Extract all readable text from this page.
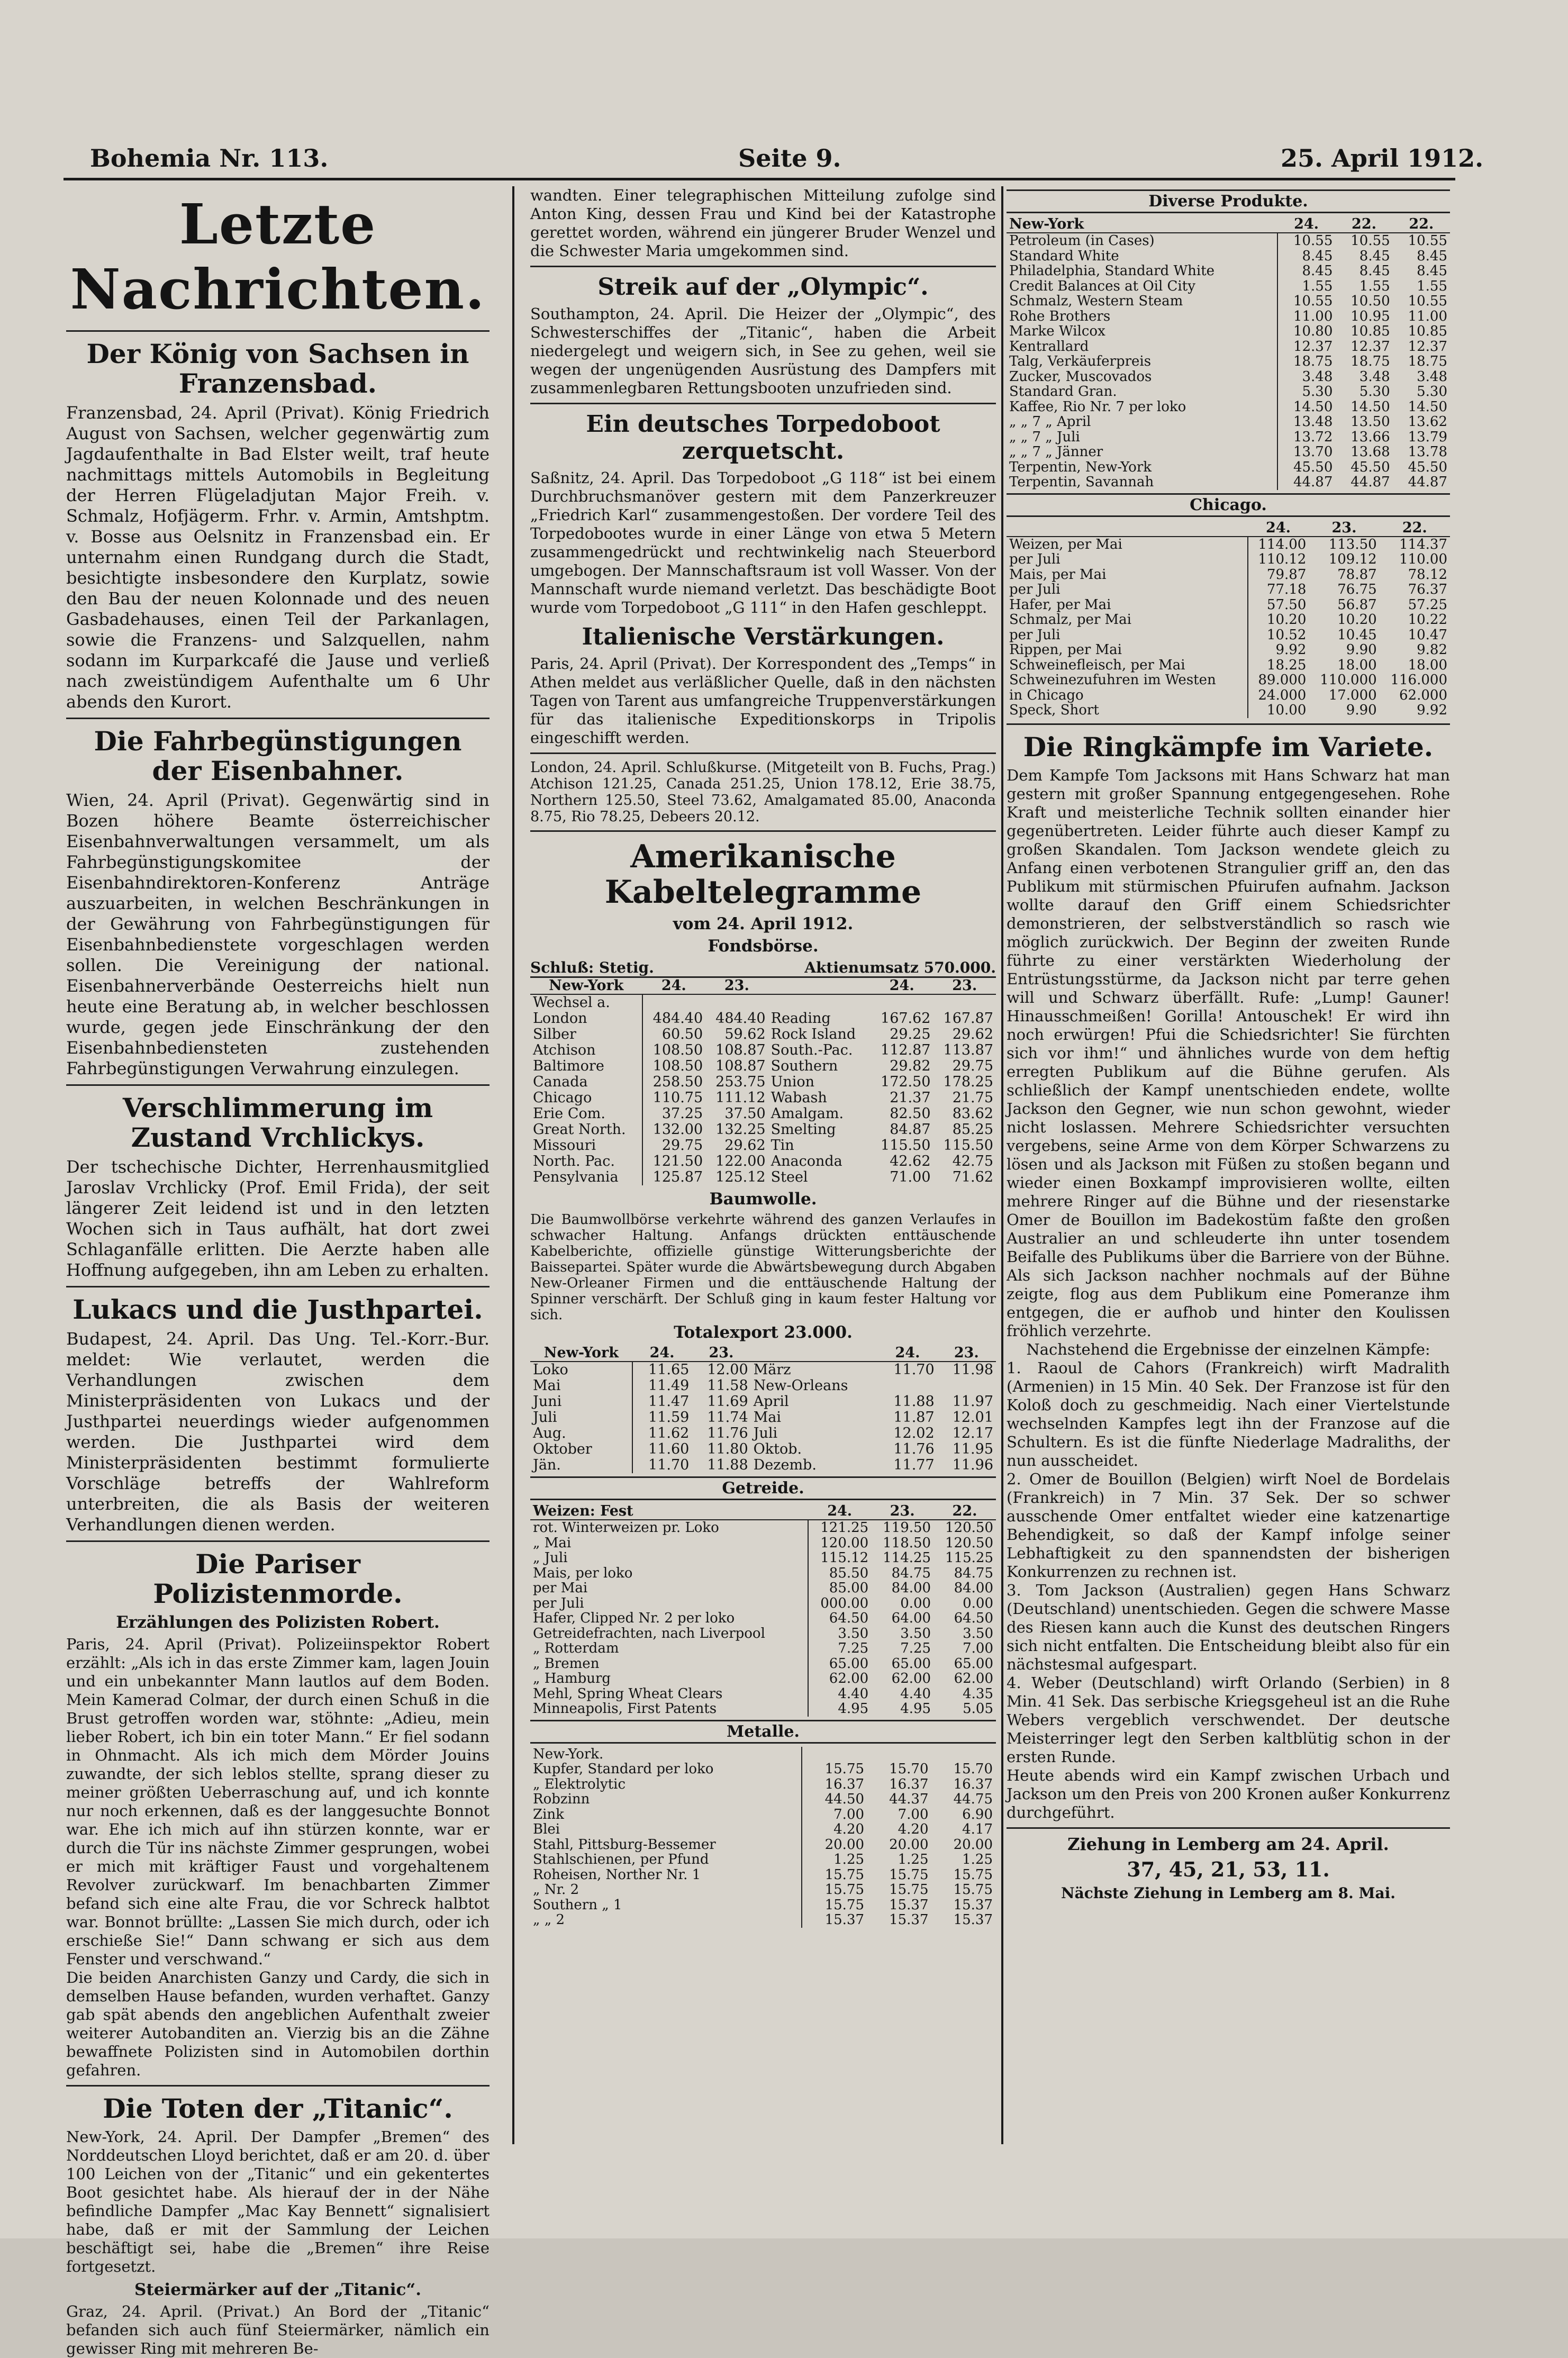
Bohemia Nr. 113.	Seite 9.	25. April 1912.
Letzte Nachrichten.
Der König von Sachsen in Franzensbad.

Franzensbad, 24. April (Privat). König Friedrich August von Sachsen, welcher gegenwärtig zum Jagdaufenthalte in Bad Elster weilt, traf heute nachmittags mittels Automobils in Begleitung der Herren Flügeladjutan Major Freih. v. Schmalz, Hofjägerm. Frhr. v. Armin, Amtshptm. v. Bosse aus Oelsnitz in Franzensbad ein. Er unternahm einen Rundgang durch die Stadt, besichtigte insbesondere den Kurplatz, sowie den Bau der neuen Kolonnade und des neuen Gasbadehauses, einen Teil der Parkanlagen, sowie die Franzens- und Salzquellen, nahm sodann im Kurparkcafé die Jause und verließ nach zweistündigem Aufenthalte um 6 Uhr abends den Kurort.

Die Fahrbegünstigungen der Eisenbahner.

Wien, 24. April (Privat). Gegenwärtig sind in Bozen höhere Beamte österreichischer Eisenbahnverwaltungen versammelt, um als Fahrbegünstigungskomitee der Eisenbahndirektoren-Konferenz Anträge auszuarbeiten, in welchen Beschränkungen in der Gewährung von Fahrbegünstigungen für Eisenbahnbedienstete vorgeschlagen werden sollen. Die Vereinigung der national. Eisenbahnerverbände Oesterreichs hielt nun heute eine Beratung ab, in welcher beschlossen wurde, gegen jede Einschränkung der den Eisenbahnbediensteten zustehenden Fahrbegünstigungen Verwahrung einzulegen.

Verschlimmerung im Zustand Vrchlickys.

Der tschechische Dichter, Herrenhausmitglied Jaroslav Vrchlicky (Prof. Emil Frida), der seit längerer Zeit leidend ist und in den letzten Wochen sich in Taus aufhält, hat dort zwei Schlaganfälle erlitten. Die Aerzte haben alle Hoffnung aufgegeben, ihn am Leben zu erhalten.

Lukacs und die Justhpartei.

Budapest, 24. April. Das Ung. Tel.-Korr.-Bur. meldet: Wie verlautet, werden die Verhandlungen zwischen dem Ministerpräsidenten von Lukacs und der Justhpartei neuerdings wieder aufgenommen werden. Die Justhpartei wird dem Ministerpräsidenten bestimmt formulierte Vorschläge betreffs der Wahlreform unterbreiten, die als Basis der weiteren Verhandlungen dienen werden.

Die Pariser Polizistenmorde.
Erzählungen des Polizisten Robert.

Paris, 24. April (Privat). Polizeiinspektor Robert erzählt: „Als ich in das erste Zimmer kam, lagen Jouin und ein unbekannter Mann lautlos auf dem Boden. Mein Kamerad Colmar, der durch einen Schuß in die Brust getroffen worden war, stöhnte: „Adieu, mein lieber Robert, ich bin ein toter Mann.“ Er fiel sodann in Ohnmacht. Als ich mich dem Mörder Jouins zuwandte, der sich leblos stellte, sprang dieser zu meiner größten Ueberraschung auf, und ich konnte nur noch erkennen, daß es der langgesuchte Bonnot war. Ehe ich mich auf ihn stürzen konnte, war er durch die Tür ins nächste Zimmer gesprungen, wobei er mich mit kräftiger Faust und vorgehaltenem Revolver zurückwarf. Im benachbarten Zimmer befand sich eine alte Frau, die vor Schreck halbtot war. Bonnot brüllte: „Lassen Sie mich durch, oder ich erschieße Sie!“ Dann schwang er sich aus dem Fenster und verschwand.“

Die beiden Anarchisten Ganzy und Cardy, die sich in demselben Hause befanden, wurden verhaftet. Ganzy gab spät abends den angeblichen Aufenthalt zweier weiterer Autobanditen an. Vierzig bis an die Zähne bewaffnete Polizisten sind in Automobilen dorthin gefahren.

Die Toten der „Titanic“.

New-York, 24. April. Der Dampfer „Bremen“ des Norddeutschen Lloyd berichtet, daß er am 20. d. über 100 Leichen von der „Titanic“ und ein gekentertes Boot gesichtet habe. Als hierauf der in der Nähe befindliche Dampfer „Mac Kay Bennett“ signalisiert habe, daß er mit der Sammlung der Leichen beschäftigt sei, habe die „Bremen“ ihre Reise fortgesetzt.

Steiermärker auf der „Titanic“.

Graz, 24. April. (Privat.) An Bord der „Titanic“ befanden sich auch fünf Steiermärker, nämlich ein gewisser Ring mit mehreren Be-

wandten. Einer telegraphischen Mitteilung zufolge sind Anton King, dessen Frau und Kind bei der Katastrophe gerettet worden, während ein jüngerer Bruder Wenzel und die Schwester Maria umgekommen sind.

Streik auf der „Olympic“.

Southampton, 24. April. Die Heizer der „Olympic“, des Schwesterschiffes der „Titanic“, haben die Arbeit niedergelegt und weigern sich, in See zu gehen, weil sie wegen der ungenügenden Ausrüstung des Dampfers mit zusammenlegbaren Rettungsbooten unzufrieden sind.

Ein deutsches Torpedoboot zerquetscht.

Saßnitz, 24. April. Das Torpedoboot „G 118“ ist bei einem Durchbruchsmanöver gestern mit dem Panzerkreuzer „Friedrich Karl“ zusammengestoßen. Der vordere Teil des Torpedobootes wurde in einer Länge von etwa 5 Metern zusammengedrückt und rechtwinkelig nach Steuerbord umgebogen. Der Mannschaftsraum ist voll Wasser. Von der Mannschaft wurde niemand verletzt. Das beschädigte Boot wurde vom Torpedoboot „G 111“ in den Hafen geschleppt.

Italienische Verstärkungen.

Paris, 24. April (Privat). Der Korrespondent des „Temps“ in Athen meldet aus verläßlicher Quelle, daß in den nächsten Tagen von Tarent aus umfangreiche Truppenverstärkungen für das italienische Expeditionskorps in Tripolis eingeschifft werden.

London, 24. April. Schlußkurse. (Mitgeteilt von B. Fuchs, Prag.) Atchison 121.25, Canada 251.25, Union 178.12, Erie 38.75, Northern 125.50, Steel 73.62, Amalgamated 85.00, Anaconda 8.75, Rio 78.25, Debeers 20.12.

Amerikanische Kabeltelegramme
vom 24. April 1912.
Fondsbörse.
Schluß: Stetig.	Aktienumsatz 570.000.
New-York	24.	23.		24.	23.
Wechsel a.					
London	484.40	484.40	Reading	167.62	167.87
Silber	60.50	59.62	Rock Island	29.25	29.62
Atchison	108.50	108.87	South.-Pac.	112.87	113.87
Baltimore	108.50	108.87	Southern	29.82	29.75
Canada	258.50	253.75	Union	172.50	178.25
Chicago	110.75	111.12	Wabash	21.37	21.75
Erie Com.	37.25	37.50	Amalgam.	82.50	83.62
Great North.	132.00	132.25	Smelting	84.87	85.25
Missouri	29.75	29.62	Tin	115.50	115.50
North. Pac.	121.50	122.00	Anaconda	42.62	42.75
Pensylvania	125.87	125.12	Steel	71.00	71.62
Baumwolle.

Die Baumwollbörse verkehrte während des ganzen Verlaufes in schwacher Haltung. Anfangs drückten enttäuschende Kabelberichte, offizielle günstige Witterungsberichte der Baissepartei. Später wurde die Abwärtsbewegung durch Abgaben New-Orleaner Firmen und die enttäuschende Haltung der Spinner verschärft. Der Schluß ging in kaum fester Haltung vor sich.

Totalexport 23.000.
New-York	24.	23.		24.	23.
Loko	11.65	12.00	März	11.70	11.98
Mai	11.49	11.58	New-Orleans		
Juni	11.47	11.69	April	11.88	11.97
Juli	11.59	11.74	Mai	11.87	12.01
Aug.	11.62	11.76	Juli	12.02	12.17
Oktober	11.60	11.80	Oktob.	11.76	11.95
Jän.	11.70	11.88	Dezemb.	11.77	11.96
Getreide.
Weizen: Fest	24.	23.	22.
rot. Winterweizen pr. Loko	121.25	119.50	120.50
„ Mai	120.00	118.50	120.50
„ Juli	115.12	114.25	115.25
Mais, per loko	85.50	84.75	84.75
per Mai	85.00	84.00	84.00
per Juli	000.00	0.00	0.00
Hafer, Clipped Nr. 2 per loko	64.50	64.00	64.50
Getreidefrachten, nach Liverpool	3.50	3.50	3.50
„ Rotterdam	7.25	7.25	7.00
„ Bremen	65.00	65.00	65.00
„ Hamburg	62.00	62.00	62.00
Mehl, Spring Wheat Clears	4.40	4.40	4.35
Minneapolis, First Patents	4.95	4.95	5.05
Metalle.
New-York.			
Kupfer, Standard per loko	15.75	15.70	15.70
„ Elektrolytic	16.37	16.37	16.37
Robzinn	44.50	44.37	44.75
Zink	7.00	7.00	6.90
Blei	4.20	4.20	4.17
Stahl, Pittsburg-Bessemer	20.00	20.00	20.00
Stahlschienen, per Pfund	1.25	1.25	1.25
Roheisen, Norther Nr. 1	15.75	15.75	15.75
„ Nr. 2	15.75	15.75	15.75
Southern „ 1	15.75	15.37	15.37
„ „ 2	15.37	15.37	15.37
Diverse Produkte.
New-York	24.	22.	22.
Petroleum (in Cases)	10.55	10.55	10.55
Standard White	8.45	8.45	8.45
Philadelphia, Standard White	8.45	8.45	8.45
Credit Balances at Oil City	1.55	1.55	1.55
Schmalz, Western Steam	10.55	10.50	10.55
Rohe Brothers	11.00	10.95	11.00
Marke Wilcox	10.80	10.85	10.85
Kentrallard	12.37	12.37	12.37
Talg, Verkäuferpreis	18.75	18.75	18.75
Zucker, Muscovados	3.48	3.48	3.48
Standard Gran.	5.30	5.30	5.30
Kaffee, Rio Nr. 7 per loko	14.50	14.50	14.50
„ „ 7 „ April	13.48	13.50	13.62
„ „ 7 „ Juli	13.72	13.66	13.79
„ „ 7 „ Jänner	13.70	13.68	13.78
Terpentin, New-York	45.50	45.50	45.50
Terpentin, Savannah	44.87	44.87	44.87
Chicago.
	24.	23.	22.
Weizen, per Mai	114.00	113.50	114.37
per Juli	110.12	109.12	110.00
Mais, per Mai	79.87	78.87	78.12
per Juli	77.18	76.75	76.37
Hafer, per Mai	57.50	56.87	57.25
Schmalz, per Mai	10.20	10.20	10.22
per Juli	10.52	10.45	10.47
Rippen, per Mai	9.92	9.90	9.82
Schweinefleisch, per Mai	18.25	18.00	18.00
Schweinezufuhren im Westen	89.000	110.000	116.000
in Chicago	24.000	17.000	62.000
Speck, Short	10.00	9.90	9.92
Die Ringkämpfe im Variete.

Dem Kampfe Tom Jacksons mit Hans Schwarz hat man gestern mit großer Spannung entgegengesehen. Rohe Kraft und meisterliche Technik sollten einander hier gegenübertreten. Leider führte auch dieser Kampf zu großen Skandalen. Tom Jackson wendete gleich zu Anfang einen verbotenen Strangulier griff an, den das Publikum mit stürmischen Pfuirufen aufnahm. Jackson wollte darauf den Griff einem Schiedsrichter demonstrieren, der selbstverständlich so rasch wie möglich zurückwich. Der Beginn der zweiten Runde führte zu einer verstärkten Wiederholung der Entrüstungsstürme, da Jackson nicht par terre gehen will und Schwarz überfällt. Rufe: „Lump! Gauner! Hinausschmeißen! Gorilla! Antouschek! Er wird ihn noch erwürgen! Pfui die Schiedsrichter! Sie fürchten sich vor ihm!“ und ähnliches wurde von dem heftig erregten Publikum auf die Bühne gerufen. Als schließlich der Kampf unentschieden endete, wollte Jackson den Gegner, wie nun schon gewohnt, wieder nicht loslassen. Mehrere Schiedsrichter versuchten vergebens, seine Arme von dem Körper Schwarzens zu lösen und als Jackson mit Füßen zu stoßen begann und wieder einen Boxkampf improvisieren wollte, eilten mehrere Ringer auf die Bühne und der riesenstarke Omer de Bouillon im Badekostüm faßte den großen Australier an und schleuderte ihn unter tosendem Beifalle des Publikums über die Barriere von der Bühne. Als sich Jackson nachher nochmals auf der Bühne zeigte, flog aus dem Publikum eine Pomeranze ihm entgegen, die er aufhob und hinter den Koulissen fröhlich verzehrte.

Nachstehend die Ergebnisse der einzelnen Kämpfe:

1. Raoul de Cahors (Frankreich) wirft Madralith (Armenien) in 15 Min. 40 Sek. Der Franzose ist für den Koloß doch zu geschmeidig. Nach einer Viertelstunde wechselnden Kampfes legt ihn der Franzose auf die Schultern. Es ist die fünfte Niederlage Madraliths, der nun ausscheidet.

2. Omer de Bouillon (Belgien) wirft Noel de Bordelais (Frankreich) in 7 Min. 37 Sek. Der so schwer ausschende Omer entfaltet wieder eine katzenartige Behendigkeit, so daß der Kampf infolge seiner Lebhaftigkeit zu den spannendsten der bisherigen Konkurrenzen zu rechnen ist.

3. Tom Jackson (Australien) gegen Hans Schwarz (Deutschland) unentschieden. Gegen die schwere Masse des Riesen kann auch die Kunst des deutschen Ringers sich nicht entfalten. Die Entscheidung bleibt also für ein nächstesmal aufgespart.

4. Weber (Deutschland) wirft Orlando (Serbien) in 8 Min. 41 Sek. Das serbische Kriegsgeheul ist an die Ruhe Webers vergeblich verschwendet. Der deutsche Meisterringer legt den Serben kaltblütig schon in der ersten Runde.

Heute abends wird ein Kampf zwischen Urbach und Jackson um den Preis von 200 Kronen außer Konkurrenz durchgeführt.

Ziehung in Lemberg am 24. April.
37, 45, 21, 53, 11.
Nächste Ziehung in Lemberg am 8. Mai.
